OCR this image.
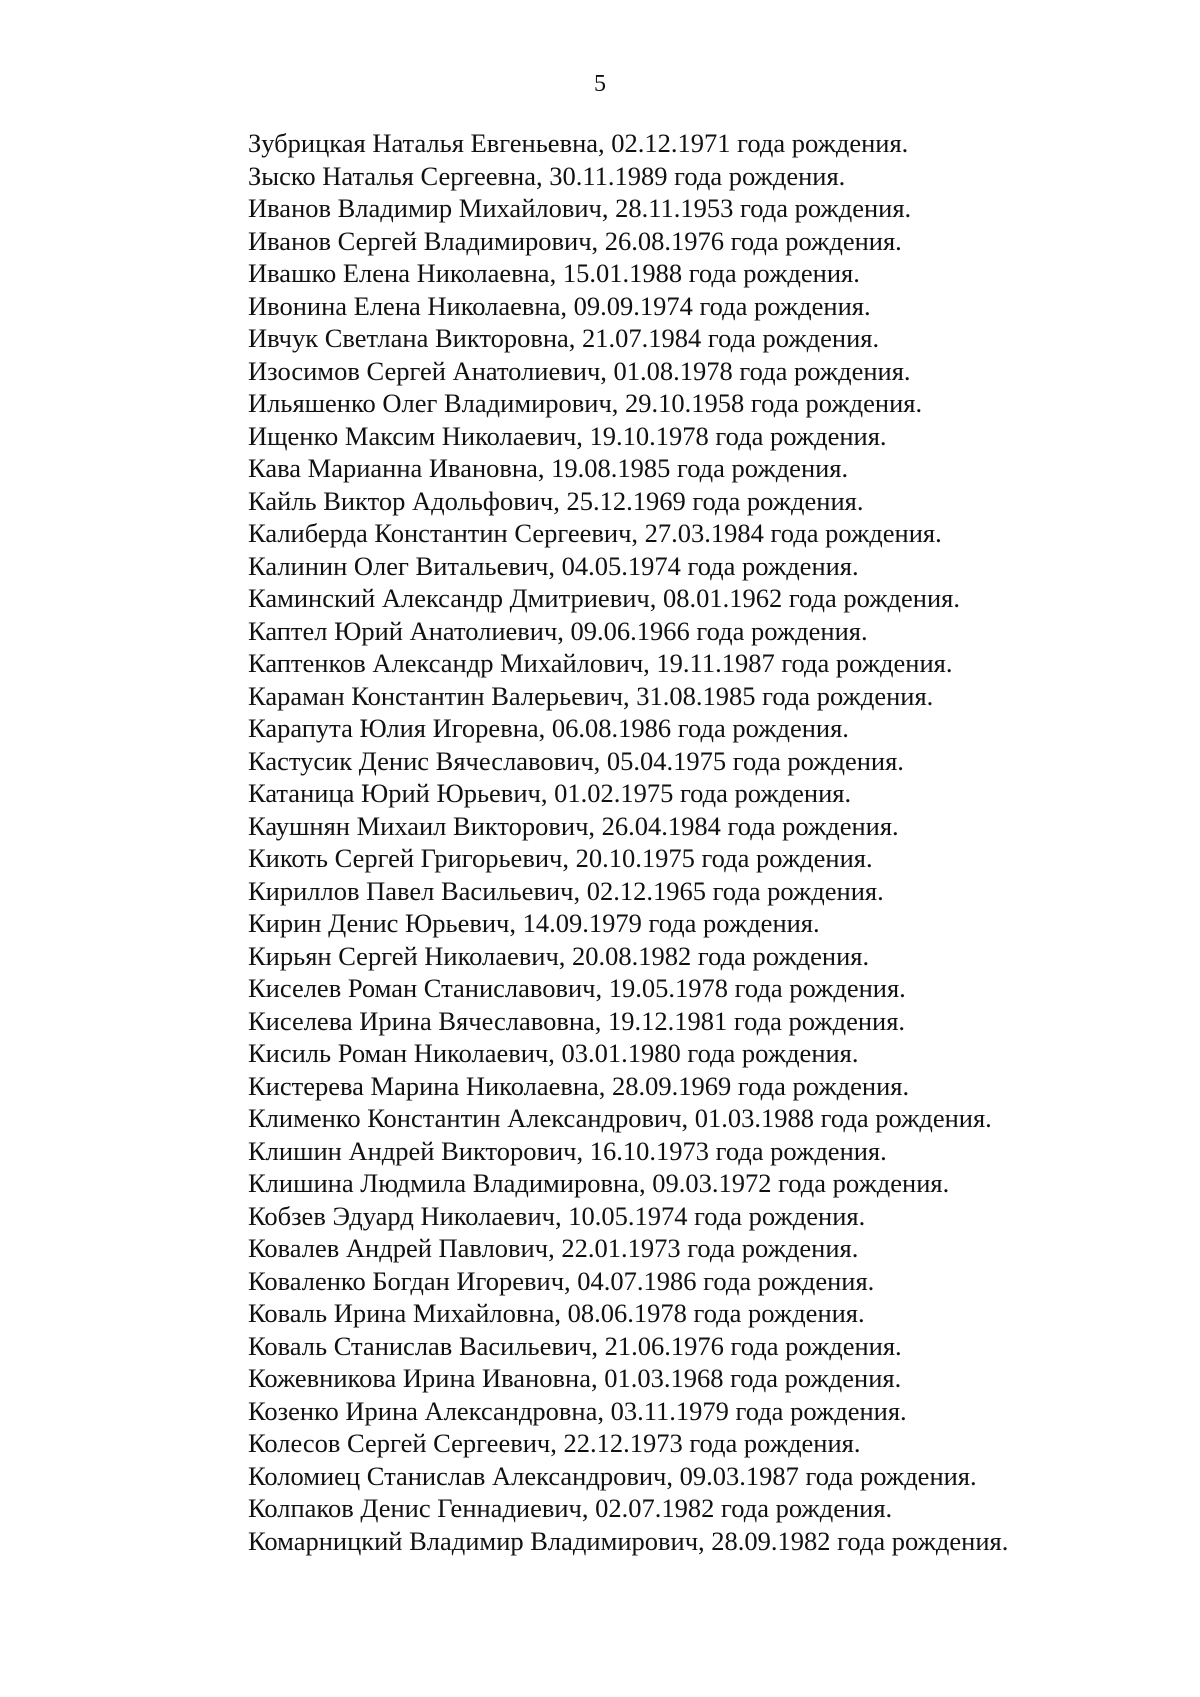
5
Зубрицкая Наталья Евгеньевна, 02.12.1971 года рождения.
Зыско Наталья Сергеевна, 30.11.1989 года рождения.
Иванов Владимир Михайлович, 28.11.1953 года рождения.
Иванов Сергей Владимирович, 26.08.1976 года рождения.
Ивашко Елена Николаевна, 15.01.1988 года рождения.
Ивонина Елена Николаевна, 09.09.1974 года рождения.
Ивчук Светлана Викторовна, 21.07.1984 года рождения.
Изосимов Сергей Анатолиевич, 01.08.1978 года рождения.
Ильяшенко Олег Владимирович, 29.10.1958 года рождения.
Ищенко Максим Николаевич, 19.10.1978 года рождения.
Кава Марианна Ивановна, 19.08.1985 года рождения.
Кайль Виктор Адольфович, 25.12.1969 года рождения.
Калиберда Константин Сергеевич, 27.03.1984 года рождения.
Калинин Олег Витальевич, 04.05.1974 года рождения.
Каминский Александр Дмитриевич, 08.01.1962 года рождения.
Каптел Юрий Анатолиевич, 09.06.1966 года рождения.
Каптенков Александр Михайлович, 19.11.1987 года рождения.
Караман Константин Валерьевич, 31.08.1985 года рождения.
Карапута Юлия Игоревна, 06.08.1986 года рождения.
Кастусик Денис Вячеславович, 05.04.1975 года рождения.
Катаница Юрий Юрьевич, 01.02.1975 года рождения.
Каушнян Михаил Викторович, 26.04.1984 года рождения.
Кикоть Сергей Григорьевич, 20.10.1975 года рождения.
Кириллов Павел Васильевич, 02.12.1965 года рождения.
Кирин Денис Юрьевич, 14.09.1979 года рождения.
Кирьян Сергей Николаевич, 20.08.1982 года рождения.
Киселев Роман Станиславович, 19.05.1978 года рождения.
Киселева Ирина Вячеславовна, 19.12.1981 года рождения.
Кисиль Роман Николаевич, 03.01.1980 года рождения.
Кистерева Марина Николаевна, 28.09.1969 года рождения.
Клименко Константин Александрович, 01.03.1988 года рождения.
Клишин Андрей Викторович, 16.10.1973 года рождения.
Клишина Людмила Владимировна, 09.03.1972 года рождения.
Кобзев Эдуард Николаевич, 10.05.1974 года рождения.
Ковалев Андрей Павлович, 22.01.1973 года рождения.
Коваленко Богдан Игоревич, 04.07.1986 года рождения.
Коваль Ирина Михайловна, 08.06.1978 года рождения.
Коваль Станислав Васильевич, 21.06.1976 года рождения.
Кожевникова Ирина Ивановна, 01.03.1968 года рождения.
Козенко Ирина Александровна, 03.11.1979 года рождения.
Колесов Сергей Сергеевич, 22.12.1973 года рождения.
Коломиец Станислав Александрович, 09.03.1987 года рождения.
Колпаков Денис Геннадиевич, 02.07.1982 года рождения.
Комарницкий Владимир Владимирович, 28.09.1982 года рождения.
